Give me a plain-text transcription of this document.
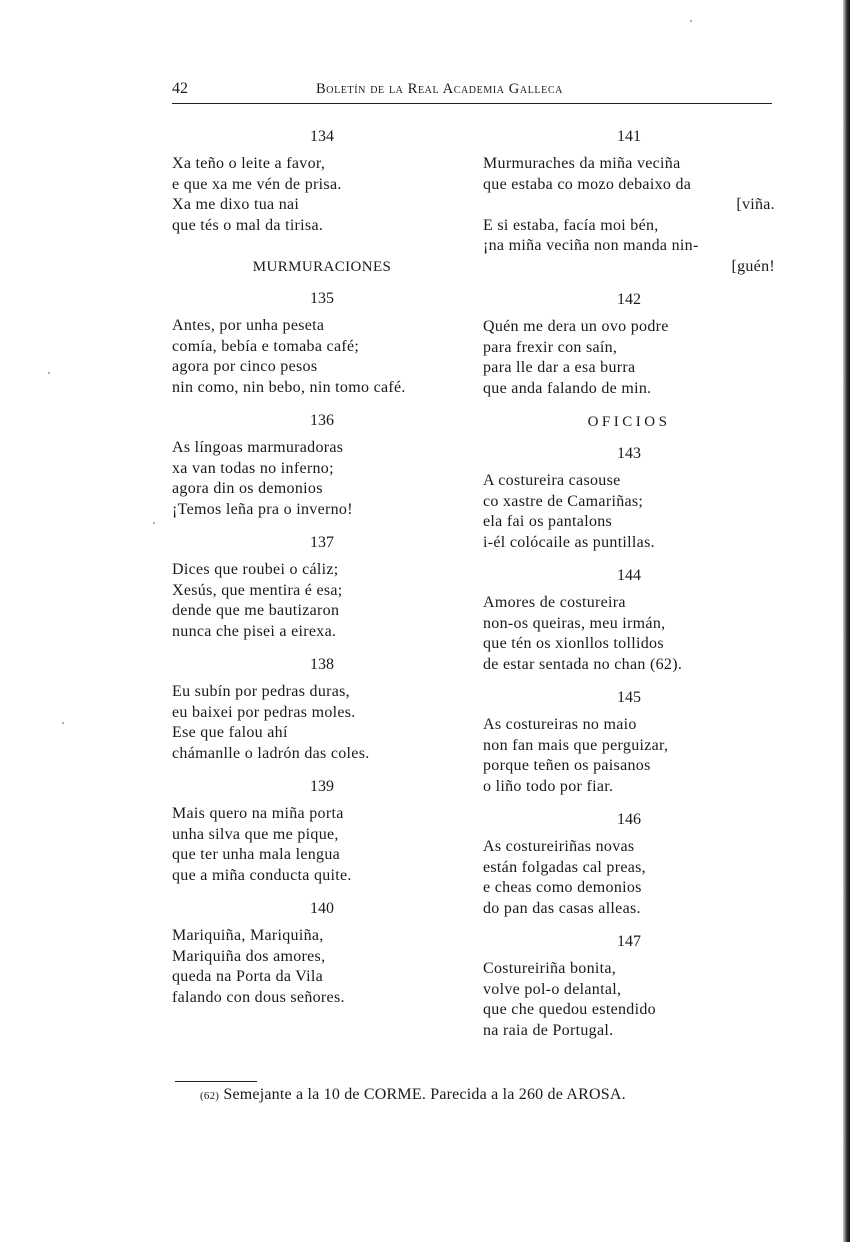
42	Boletín de la Real Academia Galleca
134
Xa teño o leite a favor,
e que xa me vén de prisa.
Xa me dixo tua nai
que tés o mal da tirisa.
MURMURACIONES
135
Antes, por unha peseta
comía, bebía e tomaba café;
agora por cinco pesos
nin como, nin bebo, nin tomo café.
136
As língoas marmuradoras
xa van todas no inferno;
agora din os demonios
¡Temos leña pra o inverno!
137
Dices que roubei o cáliz;
Xesús, que mentira é esa;
dende que me bautizaron
nunca che pisei a eirexa.
138
Eu subín por pedras duras,
eu baixei por pedras moles.
Ese que falou ahí
chámanlle o ladrón das coles.
139
Mais quero na miña porta
unha silva que me pique,
que ter unha mala lengua
que a miña conducta quite.
140
Mariquiña, Mariquiña,
Mariquiña dos amores,
queda na Porta da Vila
falando con dous señores.
141
Murmuraches da miña veciña
que estaba co mozo debaixo da
[viña.
E si estaba, facía moi bén,
¡na miña veciña non manda nin-
[guén!
142
Quén me dera un ovo podre
para frexir con saín,
para lle dar a esa burra
que anda falando de min.
OFICIOS
143
A costureira casouse
co xastre de Camariñas;
ela fai os pantalons
i-él colócaile as puntillas.
144
Amores de costureira
non-os queiras, meu irmán,
que tén os xionllos tollidos
de estar sentada no chan (62).
145
As costureiras no maio
non fan mais que perguizar,
porque teñen os paisanos
o liño todo por fiar.
146
As costureiriñas novas
están folgadas cal preas,
e cheas como demonios
do pan das casas alleas.
147
Costureiriña bonita,
volve pol-o delantal,
que che quedou estendido
na raia de Portugal.
(62) Semejante a la 10 de CORME. Parecida a la 260 de AROSA.
